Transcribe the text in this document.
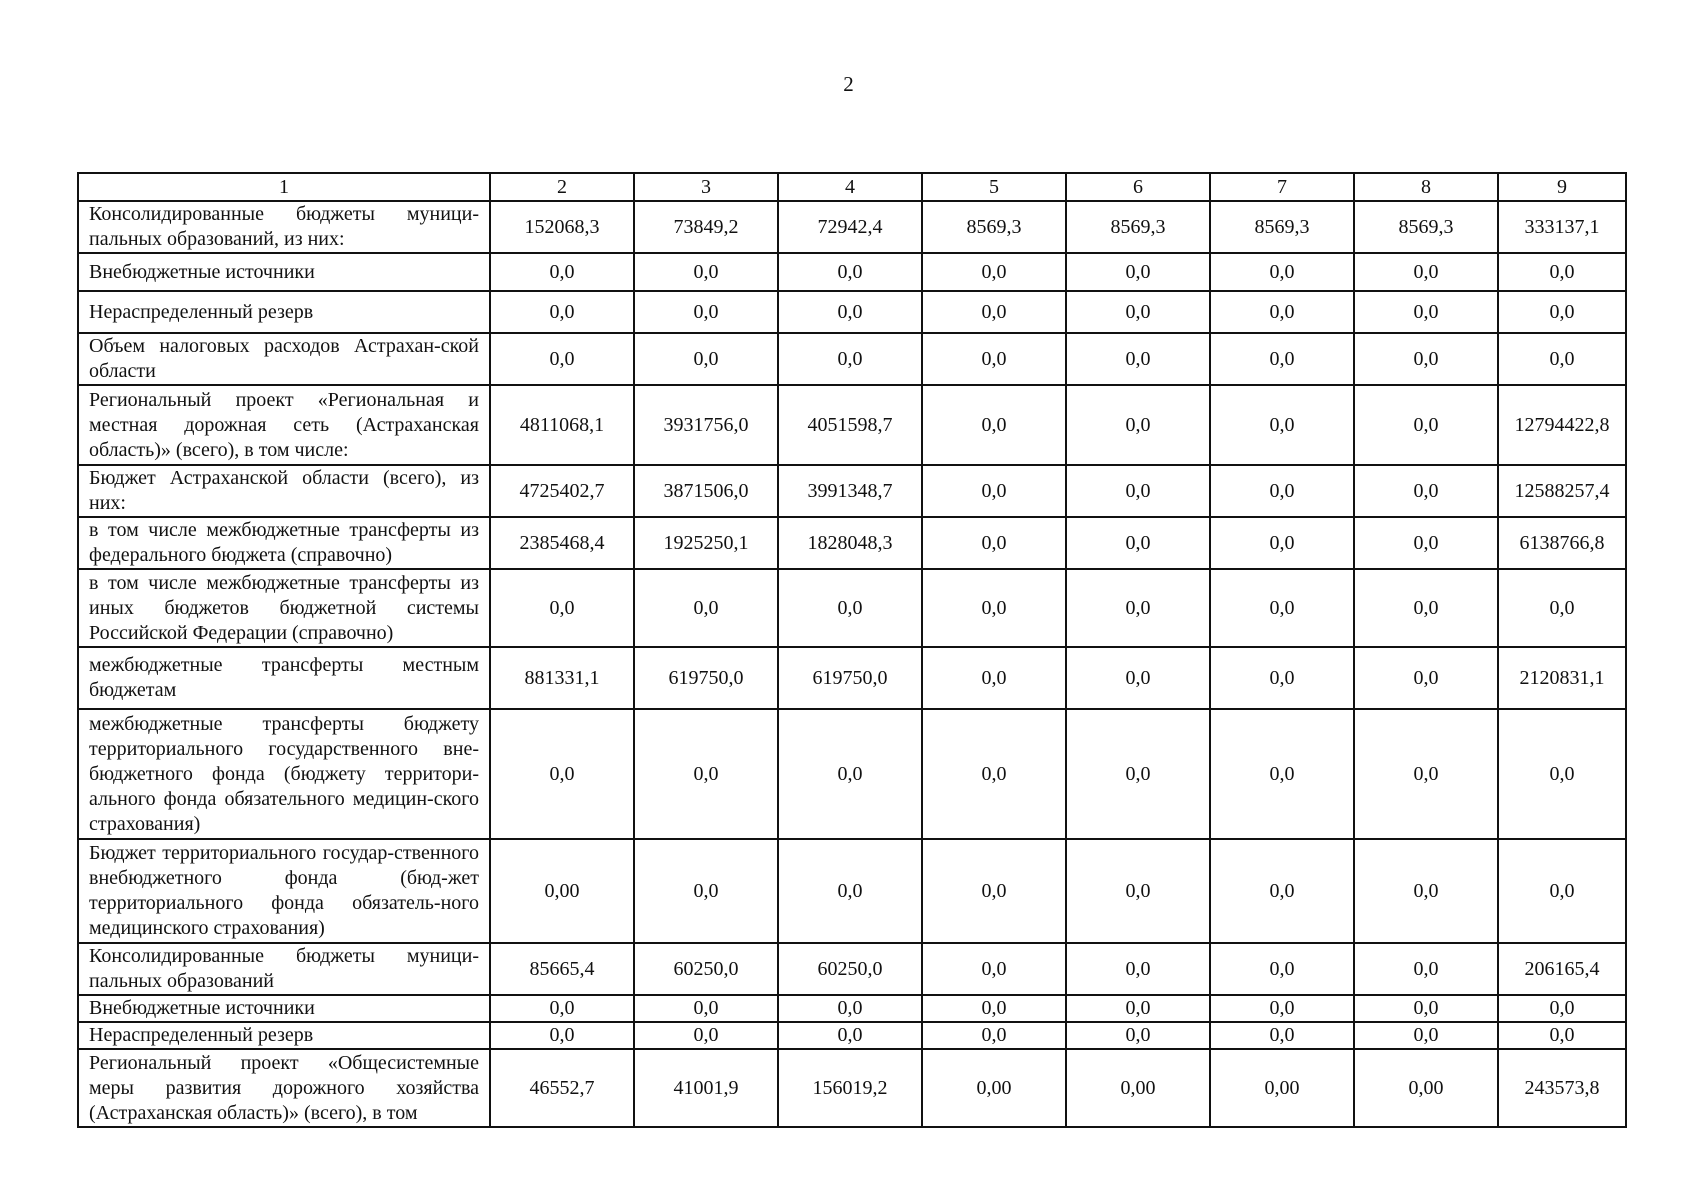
2
1	2	3	4	5	6	7	8	9
Консолидированные бюджеты муници-пальных образований, из них:	152068,3	73849,2	72942,4	8569,3	8569,3	8569,3	8569,3	333137,1
Внебюджетные источники	0,0	0,0	0,0	0,0	0,0	0,0	0,0	0,0
Нераспределенный резерв	0,0	0,0	0,0	0,0	0,0	0,0	0,0	0,0
Объем налоговых расходов Астрахан-ской области	0,0	0,0	0,0	0,0	0,0	0,0	0,0	0,0
Региональный проект «Региональная и местная дорожная сеть (Астраханская область)» (всего), в том числе:	4811068,1	3931756,0	4051598,7	0,0	0,0	0,0	0,0	12794422,8
Бюджет Астраханской области (всего), из них:	4725402,7	3871506,0	3991348,7	0,0	0,0	0,0	0,0	12588257,4
в том числе межбюджетные трансферты из федерального бюджета (справочно)	2385468,4	1925250,1	1828048,3	0,0	0,0	0,0	0,0	6138766,8
в том числе межбюджетные трансферты из иных бюджетов бюджетной системы Российской Федерации (справочно)	0,0	0,0	0,0	0,0	0,0	0,0	0,0	0,0
межбюджетные трансферты местным бюджетам	881331,1	619750,0	619750,0	0,0	0,0	0,0	0,0	2120831,1
межбюджетные трансферты бюджету территориального государственного вне-бюджетного фонда (бюджету территори-ального фонда обязательного медицин-ского страхования)	0,0	0,0	0,0	0,0	0,0	0,0	0,0	0,0
Бюджет территориального государ-ственного внебюджетного фонда (бюд-жет территориального фонда обязатель-ного медицинского страхования)	0,00	0,0	0,0	0,0	0,0	0,0	0,0	0,0
Консолидированные бюджеты муници-пальных образований	85665,4	60250,0	60250,0	0,0	0,0	0,0	0,0	206165,4
Внебюджетные источники	0,0	0,0	0,0	0,0	0,0	0,0	0,0	0,0
Нераспределенный резерв	0,0	0,0	0,0	0,0	0,0	0,0	0,0	0,0
Региональный проект «Общесистемные меры развития дорожного хозяйства (Астраханская область)» (всего), в том	46552,7	41001,9	156019,2	0,00	0,00	0,00	0,00	243573,8
